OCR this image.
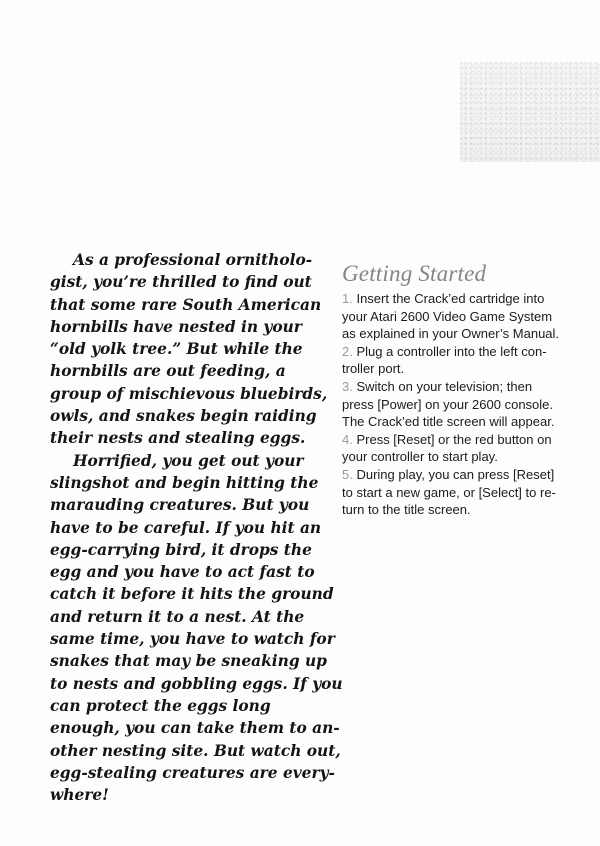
As a professional ornitholo-
gist, you’re thrilled to find out
that some rare South American
hornbills have nested in your
“old yolk tree.” But while the
hornbills are out feeding, a
group of mischievous bluebirds,
owls, and snakes begin raiding
their nests and stealing eggs.
Horrified, you get out your
slingshot and begin hitting the
marauding creatures. But you
have to be careful. If you hit an
egg-carrying bird, it drops the
egg and you have to act fast to
catch it before it hits the ground
and return it to a nest. At the
same time, you have to watch for
snakes that may be sneaking up
to nests and gobbling eggs. If you
can protect the eggs long
enough, you can take them to an-
other nesting site. But watch out,
egg-stealing creatures are every-
where!
Getting Started
1. Insert the Crack’ed cartridge into
your Atari 2600 Video Game System
as explained in your Owner’s Manual.
2. Plug a controller into the left con-
troller port.
3. Switch on your television; then
press [Power] on your 2600 console.
The Crack’ed title screen will appear.
4. Press [Reset] or the red button on
your controller to start play.
5. During play, you can press [Reset]
to start a new game, or [Select] to re-
turn to the title screen.
